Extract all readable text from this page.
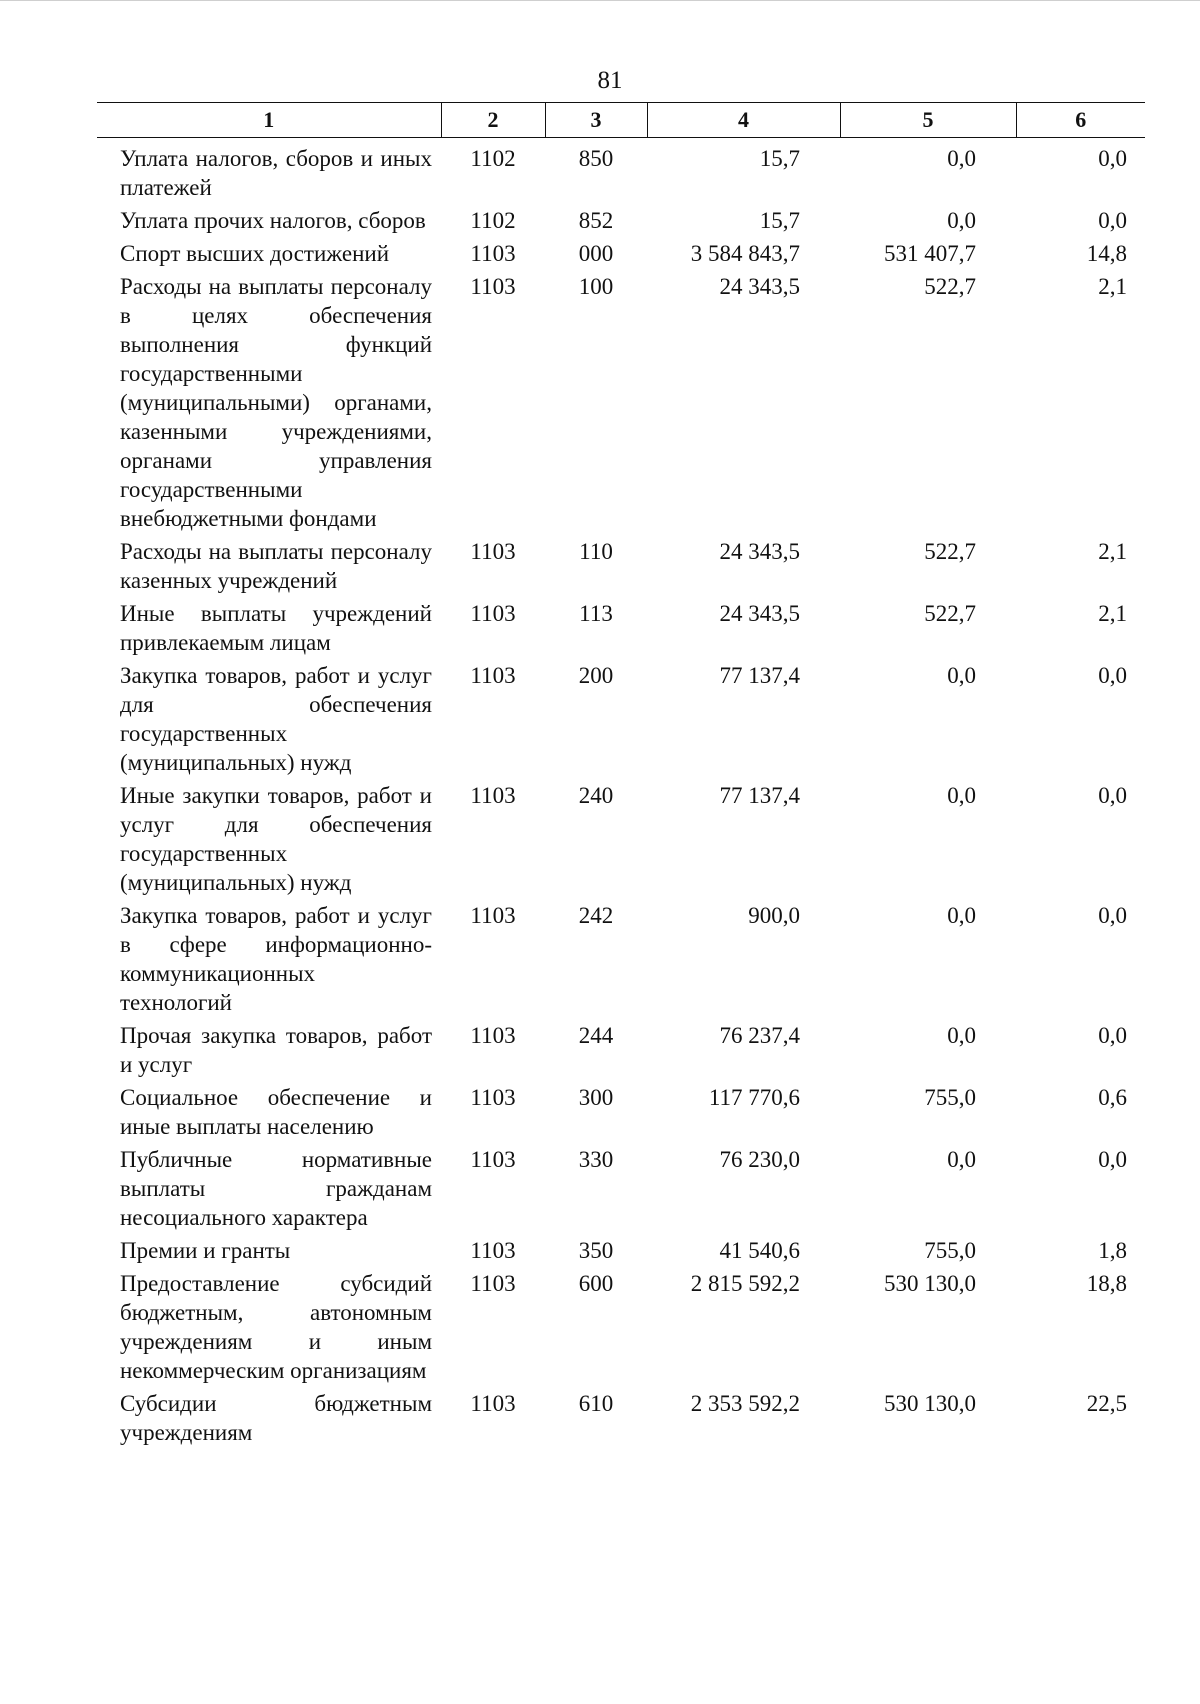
81
1	2	3	4	5	6
Уплата налогов, сборов и иных платежей	1102	850	15,7	0,0	0,0
Уплата прочих налогов, сборов	1102	852	15,7	0,0	0,0
Спорт высших достижений	1103	000	3 584 843,7	531 407,7	14,8
Расходы на выплаты персоналу в целях обеспечения выполнения функций государственными (муниципальными) органами, казенными учреждениями, органами управления государственными внебюджетными фондами	1103	100	24 343,5	522,7	2,1
Расходы на выплаты персоналу казенных учреждений	1103	110	24 343,5	522,7	2,1
Иные выплаты учреждений привлекаемым лицам	1103	113	24 343,5	522,7	2,1
Закупка товаров, работ и услуг для обеспечения государственных (муниципальных) нужд	1103	200	77 137,4	0,0	0,0
Иные закупки товаров, работ и услуг для обеспечения государственных (муниципальных) нужд	1103	240	77 137,4	0,0	0,0
Закупка товаров, работ и услуг в сфере информационно-коммуникационных технологий	1103	242	900,0	0,0	0,0
Прочая закупка товаров, работ и услуг	1103	244	76 237,4	0,0	0,0
Социальное обеспечение и иные выплаты населению	1103	300	117 770,6	755,0	0,6
Публичные нормативные выплаты гражданам несоциального характера	1103	330	76 230,0	0,0	0,0
Премии и гранты	1103	350	41 540,6	755,0	1,8
Предоставление субсидий бюджетным, автономным учреждениям и иным некоммерческим организациям	1103	600	2 815 592,2	530 130,0	18,8
Субсидии бюджетным учреждениям	1103	610	2 353 592,2	530 130,0	22,5
